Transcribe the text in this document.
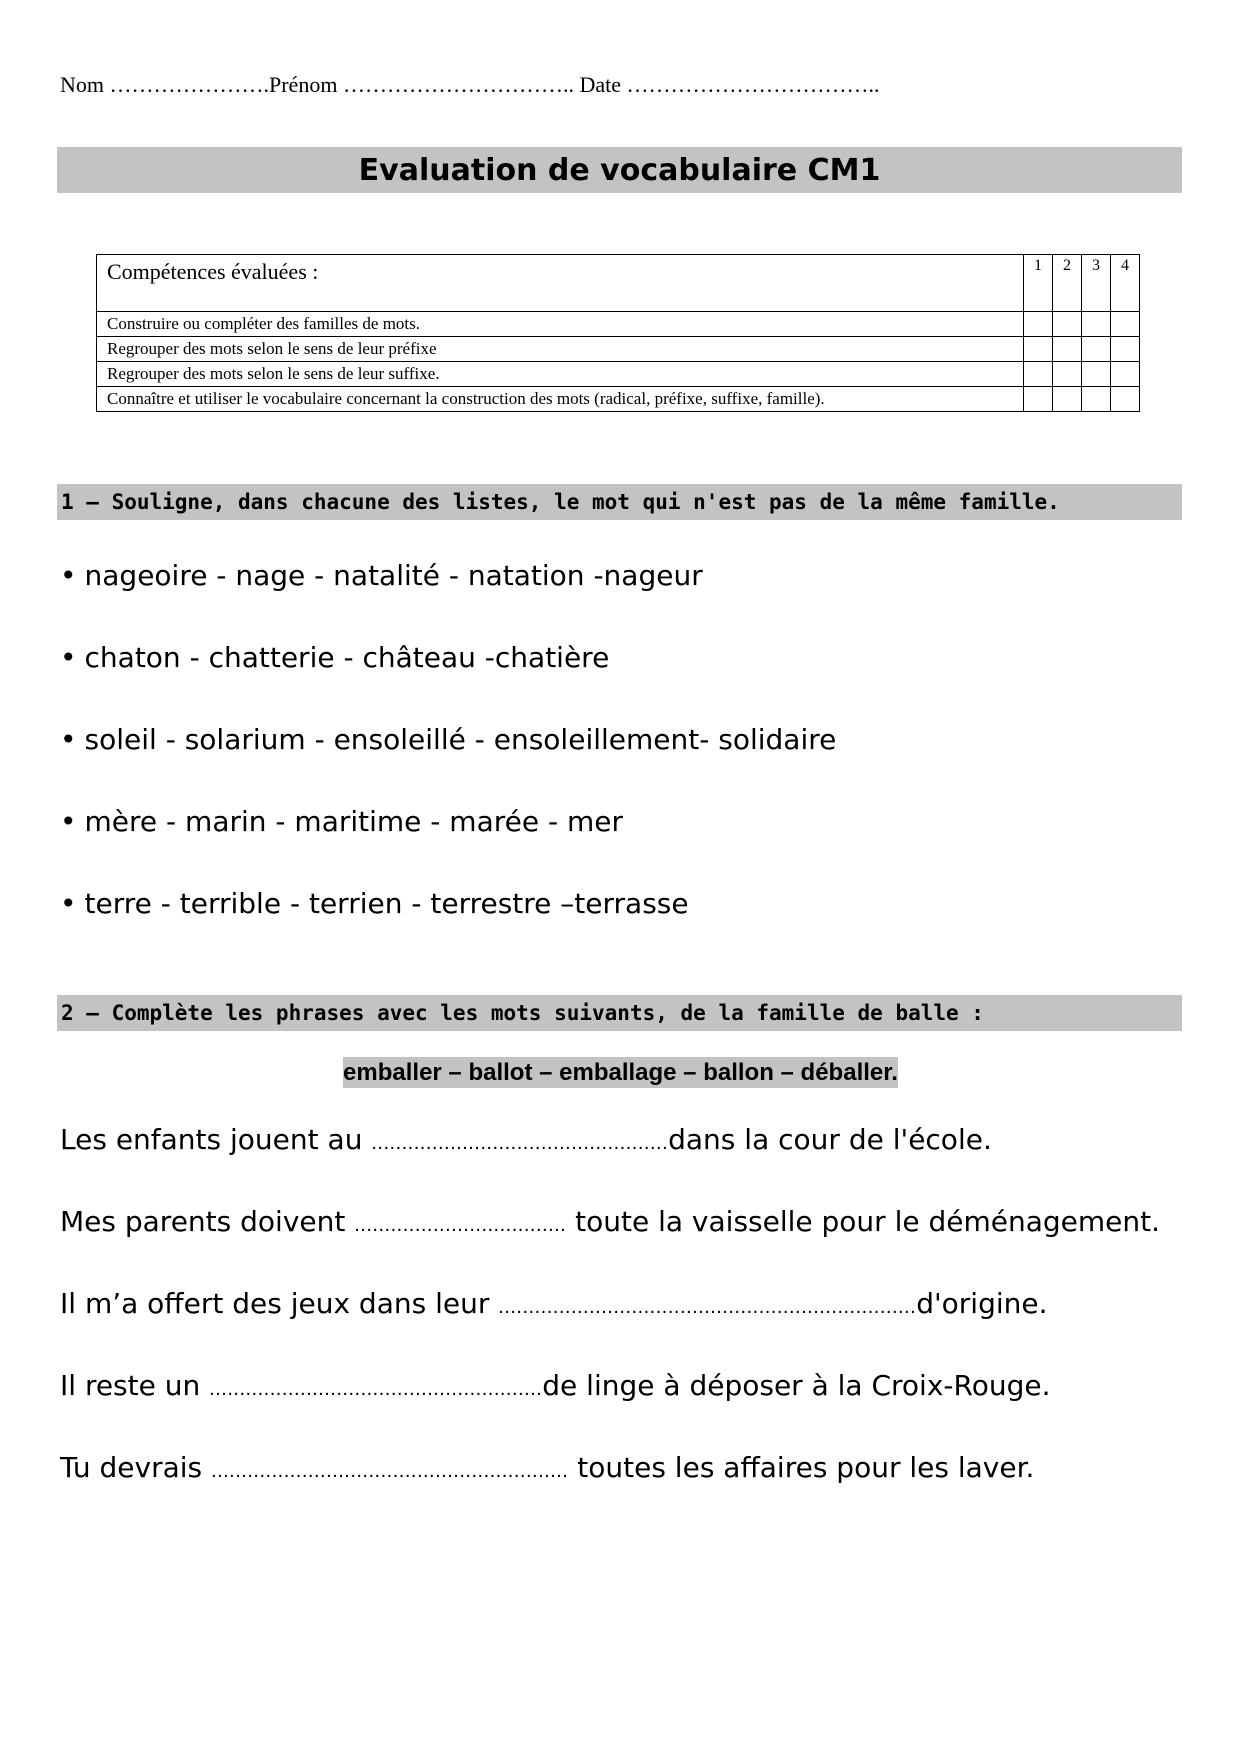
Nom ………………….Prénom ………………………….. Date ……………………………..
Evaluation de vocabulaire CM1
Compétences évaluées :	1	2	3	4
Construire ou compléter des familles de mots.				
Regrouper des mots selon le sens de leur préfixe				
Regrouper des mots selon le sens de leur suffixe.				
Connaître et utiliser le vocabulaire concernant la construction des mots (radical, préfixe, suffixe, famille).				
1 – Souligne, dans chacune des listes, le mot qui n'est pas de la même famille.
• nageoire - nage - natalité - natation -nageur
• chaton - chatterie - château -chatière
• soleil - solarium - ensoleillé - ensoleillement- solidaire
• mère - marin - maritime - marée - mer
• terre - terrible - terrien - terrestre –terrasse
2 – Complète les phrases avec les mots suivants, de la famille de balle :
emballer – ballot – emballage – ballon – déballer.
Les enfants jouent au .................................................dans la cour de l'école.
Mes parents doivent ................................... toute la vaisselle pour le déménagement.
Il m’a offert des jeux dans leur .....................................................................d'origine.
Il reste un .......................................................de linge à déposer à la Croix-Rouge.
Tu devrais ........................................................... toutes les affaires pour les laver.
